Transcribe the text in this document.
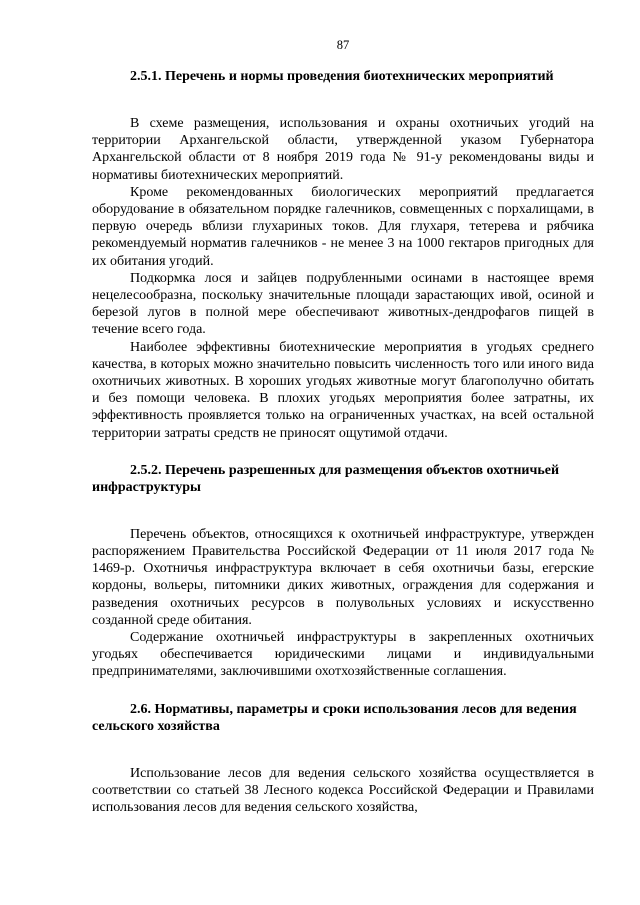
87
2.5.1. Перечень и нормы проведения биотехнических мероприятий

В схеме размещения, использования и охраны охотничьих угодий на территории Архангельской области, утвержденной указом Губернатора Архангельской области от 8 ноября 2019 года № 91-у рекомендованы виды и нормативы биотехнических мероприятий.

Кроме рекомендованных биологических мероприятий предлагается оборудование в обязательном порядке галечников, совмещенных с порхалищами, в первую очередь вблизи глухариных токов. Для глухаря, тетерева и рябчика рекомендуемый норматив галечников - не менее 3 на 1000 гектаров пригодных для их обитания угодий.

Подкормка лося и зайцев подрубленными осинами в настоящее время нецелесообразна, поскольку значительные площади зарастающих ивой, осиной и березой лугов в полной мере обеспечивают животных-дендрофагов пищей в течение всего года.

Наиболее эффективны биотехнические мероприятия в угодьях среднего качества, в которых можно значительно повысить численность того или иного вида охотничьих животных. В хороших угодьях животные могут благополучно обитать и без помощи человека. В плохих угодьях мероприятия более затратны, их эффективность проявляется только на ограниченных участках, на всей остальной территории затраты средств не приносят ощутимой отдачи.

2.5.2. Перечень разрешенных для размещения объектов охотничьей инфраструктуры

Перечень объектов, относящихся к охотничьей инфраструктуре, утвержден распоряжением Правительства Российской Федерации от 11 июля 2017 года № 1469-р. Охотничья инфраструктура включает в себя охотничьи базы, егерские кордоны, вольеры, питомники диких животных, ограждения для содержания и разведения охотничьих ресурсов в полувольных условиях и искусственно созданной среде обитания.

Содержание охотничьей инфраструктуры в закрепленных охотничьих угодьях обеспечивается юридическими лицами и индивидуальными предпринимателями, заключившими охотхозяйственные соглашения.

2.6. Нормативы, параметры и сроки использования лесов для ведения сельского хозяйства

Использование лесов для ведения сельского хозяйства осуществляется в соответствии со статьей 38 Лесного кодекса Российской Федерации и Правилами использования лесов для ведения сельского хозяйства,
